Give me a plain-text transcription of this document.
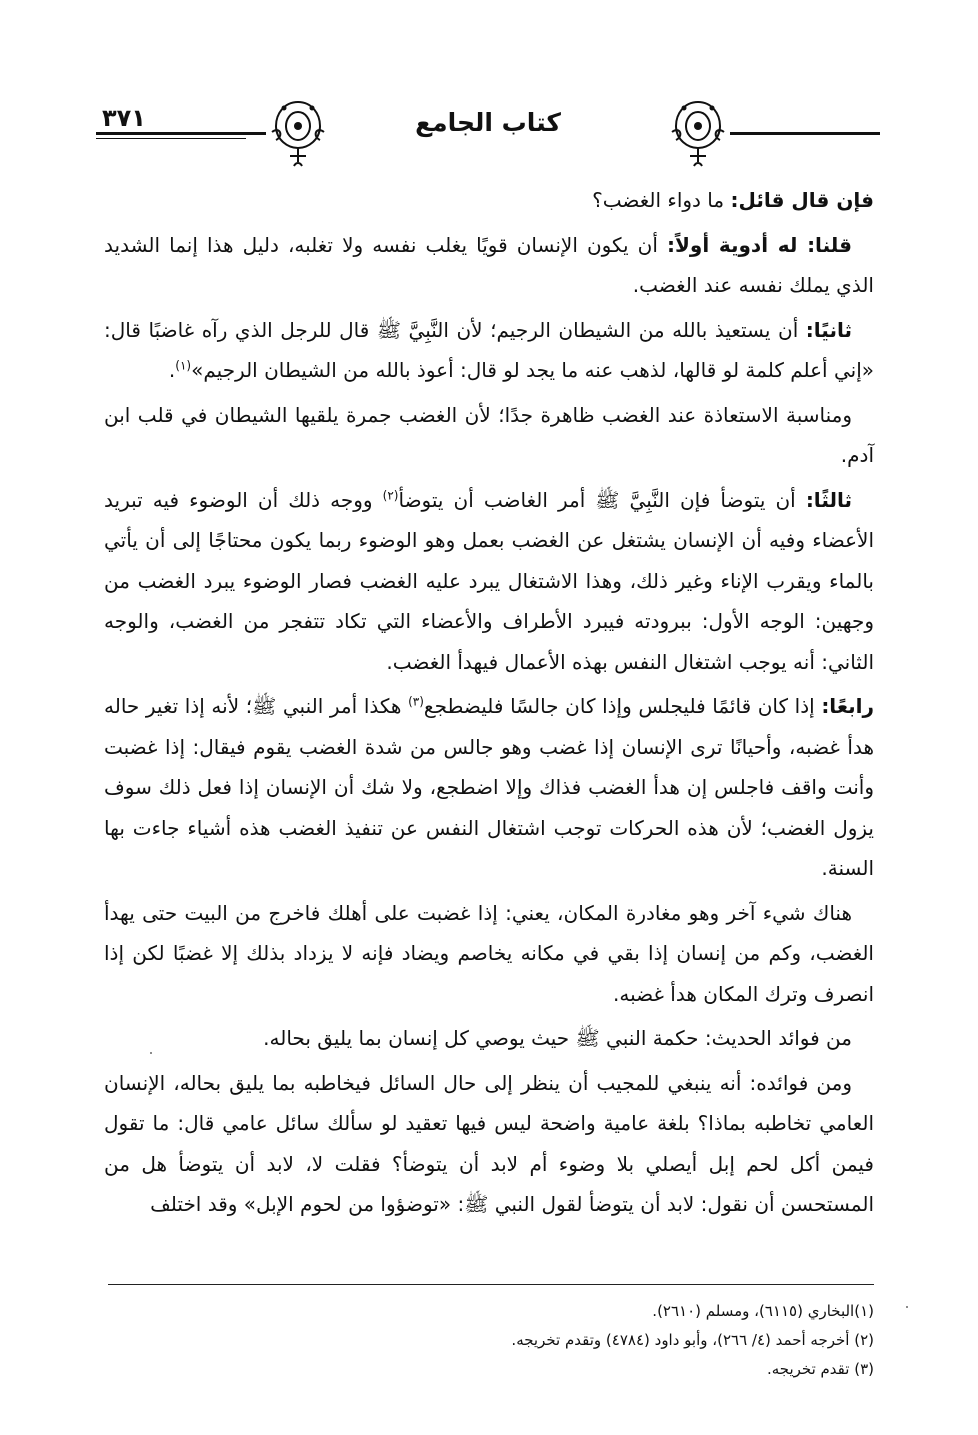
٣٧١	كتاب الجامع

فإن قال قائل: ما دواء الغضب؟

قلنا: له أدوية أولاً: أن يكون الإنسان قويًا يغلب نفسه ولا تغلبه، دليل هذا إنما الشديد الذي يملك نفسه عند الغضب.

ثانيًا: أن يستعيذ بالله من الشيطان الرجيم؛ لأن النَّبِيَّ ﷺ قال للرجل الذي رآه غاضبًا قال: «إني أعلم كلمة لو قالها، لذهب عنه ما يجد لو قال: أعوذ بالله من الشيطان الرجيم»$^{(١)}$.

ومناسبة الاستعاذة عند الغضب ظاهرة جدًا؛ لأن الغضب جمرة يلقيها الشيطان في قلب ابن آدم.

ثالثًا: أن يتوضأ فإن النَّبِيَّ ﷺ أمر الغاضب أن يتوضأ$^{(٢)}$ ووجه ذلك أن الوضوء فيه تبريد الأعضاء وفيه أن الإنسان يشتغل عن الغضب بعمل وهو الوضوء ربما يكون محتاجًا إلى أن يأتي بالماء ويقرب الإناء وغير ذلك، وهذا الاشتغال يبرد عليه الغضب فصار الوضوء يبرد الغضب من وجهين: الوجه الأول: ببرودته فيبرد الأطراف والأعضاء التي تكاد تتفجر من الغضب، والوجه الثاني: أنه يوجب اشتغال النفس بهذه الأعمال فيهدأ الغضب.

رابعًا: إذا كان قائمًا فليجلس وإذا كان جالسًا فليضطجع$^{(٣)}$ هكذا أمر النبي ﷺ؛ لأنه إذا تغير حاله هدأ غضبه، وأحيانًا ترى الإنسان إذا غضب وهو جالس من شدة الغضب يقوم فيقال: إذا غضبت وأنت واقف فاجلس إن هدأ الغضب فذاك وإلا اضطجع، ولا شك أن الإنسان إذا فعل ذلك سوف يزول الغضب؛ لأن هذه الحركات توجب اشتغال النفس عن تنفيذ الغضب هذه أشياء جاءت بها السنة.

هناك شيء آخر وهو مغادرة المكان، يعني: إذا غضبت على أهلك فاخرج من البيت حتى يهدأ الغضب، وكم من إنسان إذا بقي في مكانه يخاصم ويضاد فإنه لا يزداد بذلك إلا غضبًا لكن إذا انصرف وترك المكان هدأ غضبه.

من فوائد الحديث: حكمة النبي ﷺ حيث يوصي كل إنسان بما يليق بحاله.

ومن فوائده: أنه ينبغي للمجيب أن ينظر إلى حال السائل فيخاطبه بما يليق بحاله، الإنسان العامي تخاطبه بماذا؟ بلغة عامية واضحة ليس فيها تعقيد لو سألك سائل عامي قال: ما تقول فيمن أكل لحم إبل أيصلي بلا وضوء أم لابد أن يتوضأ؟ فقلت لا، لابد أن يتوضأ هل من المستحسن أن نقول: لابد أن يتوضأ لقول النبي ﷺ: «توضؤوا من لحوم الإبل» وقد اختلف

(١)البخاري (٦١١٥)، ومسلم (٢٦١٠).
(٢) أخرجه أحمد (٤/ ٢٦٦)، وأبو داود (٤٧٨٤) وتقدم تخريجه.
(٣) تقدم تخريجه.
